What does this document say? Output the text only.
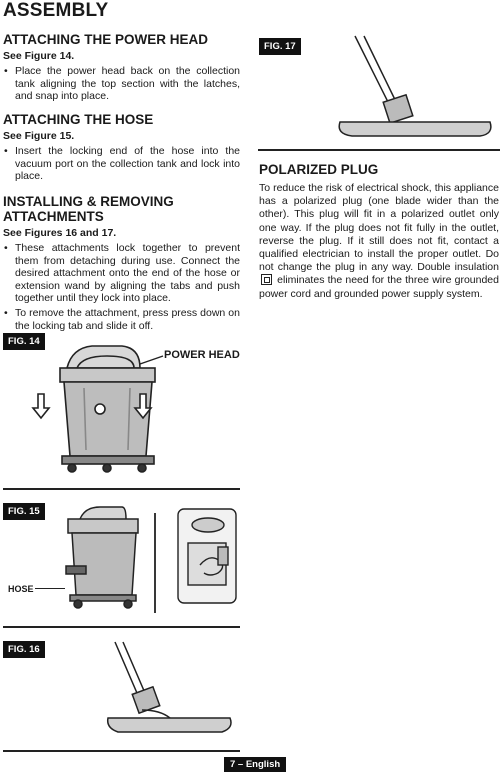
ASSEMBLY
ATTACHING THE POWER HEAD
See Figure 14.
• Place the power head back on the collection tank aligning the top section with the latches, and snap into place.
ATTACHING THE HOSE
See Figure 15.
• Insert the locking end of the hose into the vacuum port on the collection tank and lock into place.
INSTALLING & REMOVING ATTACHMENTS
See Figures 16 and 17.
• These attachments lock together to prevent them from detaching during use. Connect the desired attachment onto the end of the hose or extension wand by aligning the tabs and push together until they lock into place.
• To remove the attachment, press press down on the locking tab and slide it off.
FIG. 14
POWER HEAD
FIG. 15
HOSE
FIG. 16
FIG. 17
POLARIZED PLUG
To reduce the risk of electrical shock, this appliance has a polarized plug (one blade wider than the other). This plug will fit in a polarized outlet only one way. If the plug does not fit fully in the outlet, reverse the plug. If it still does not fit, contact a qualified electrician to install the proper outlet. Do not change the plug in any way. Double insulation
eliminates the need for the three wire grounded power cord and grounded power supply system.
7 – English
